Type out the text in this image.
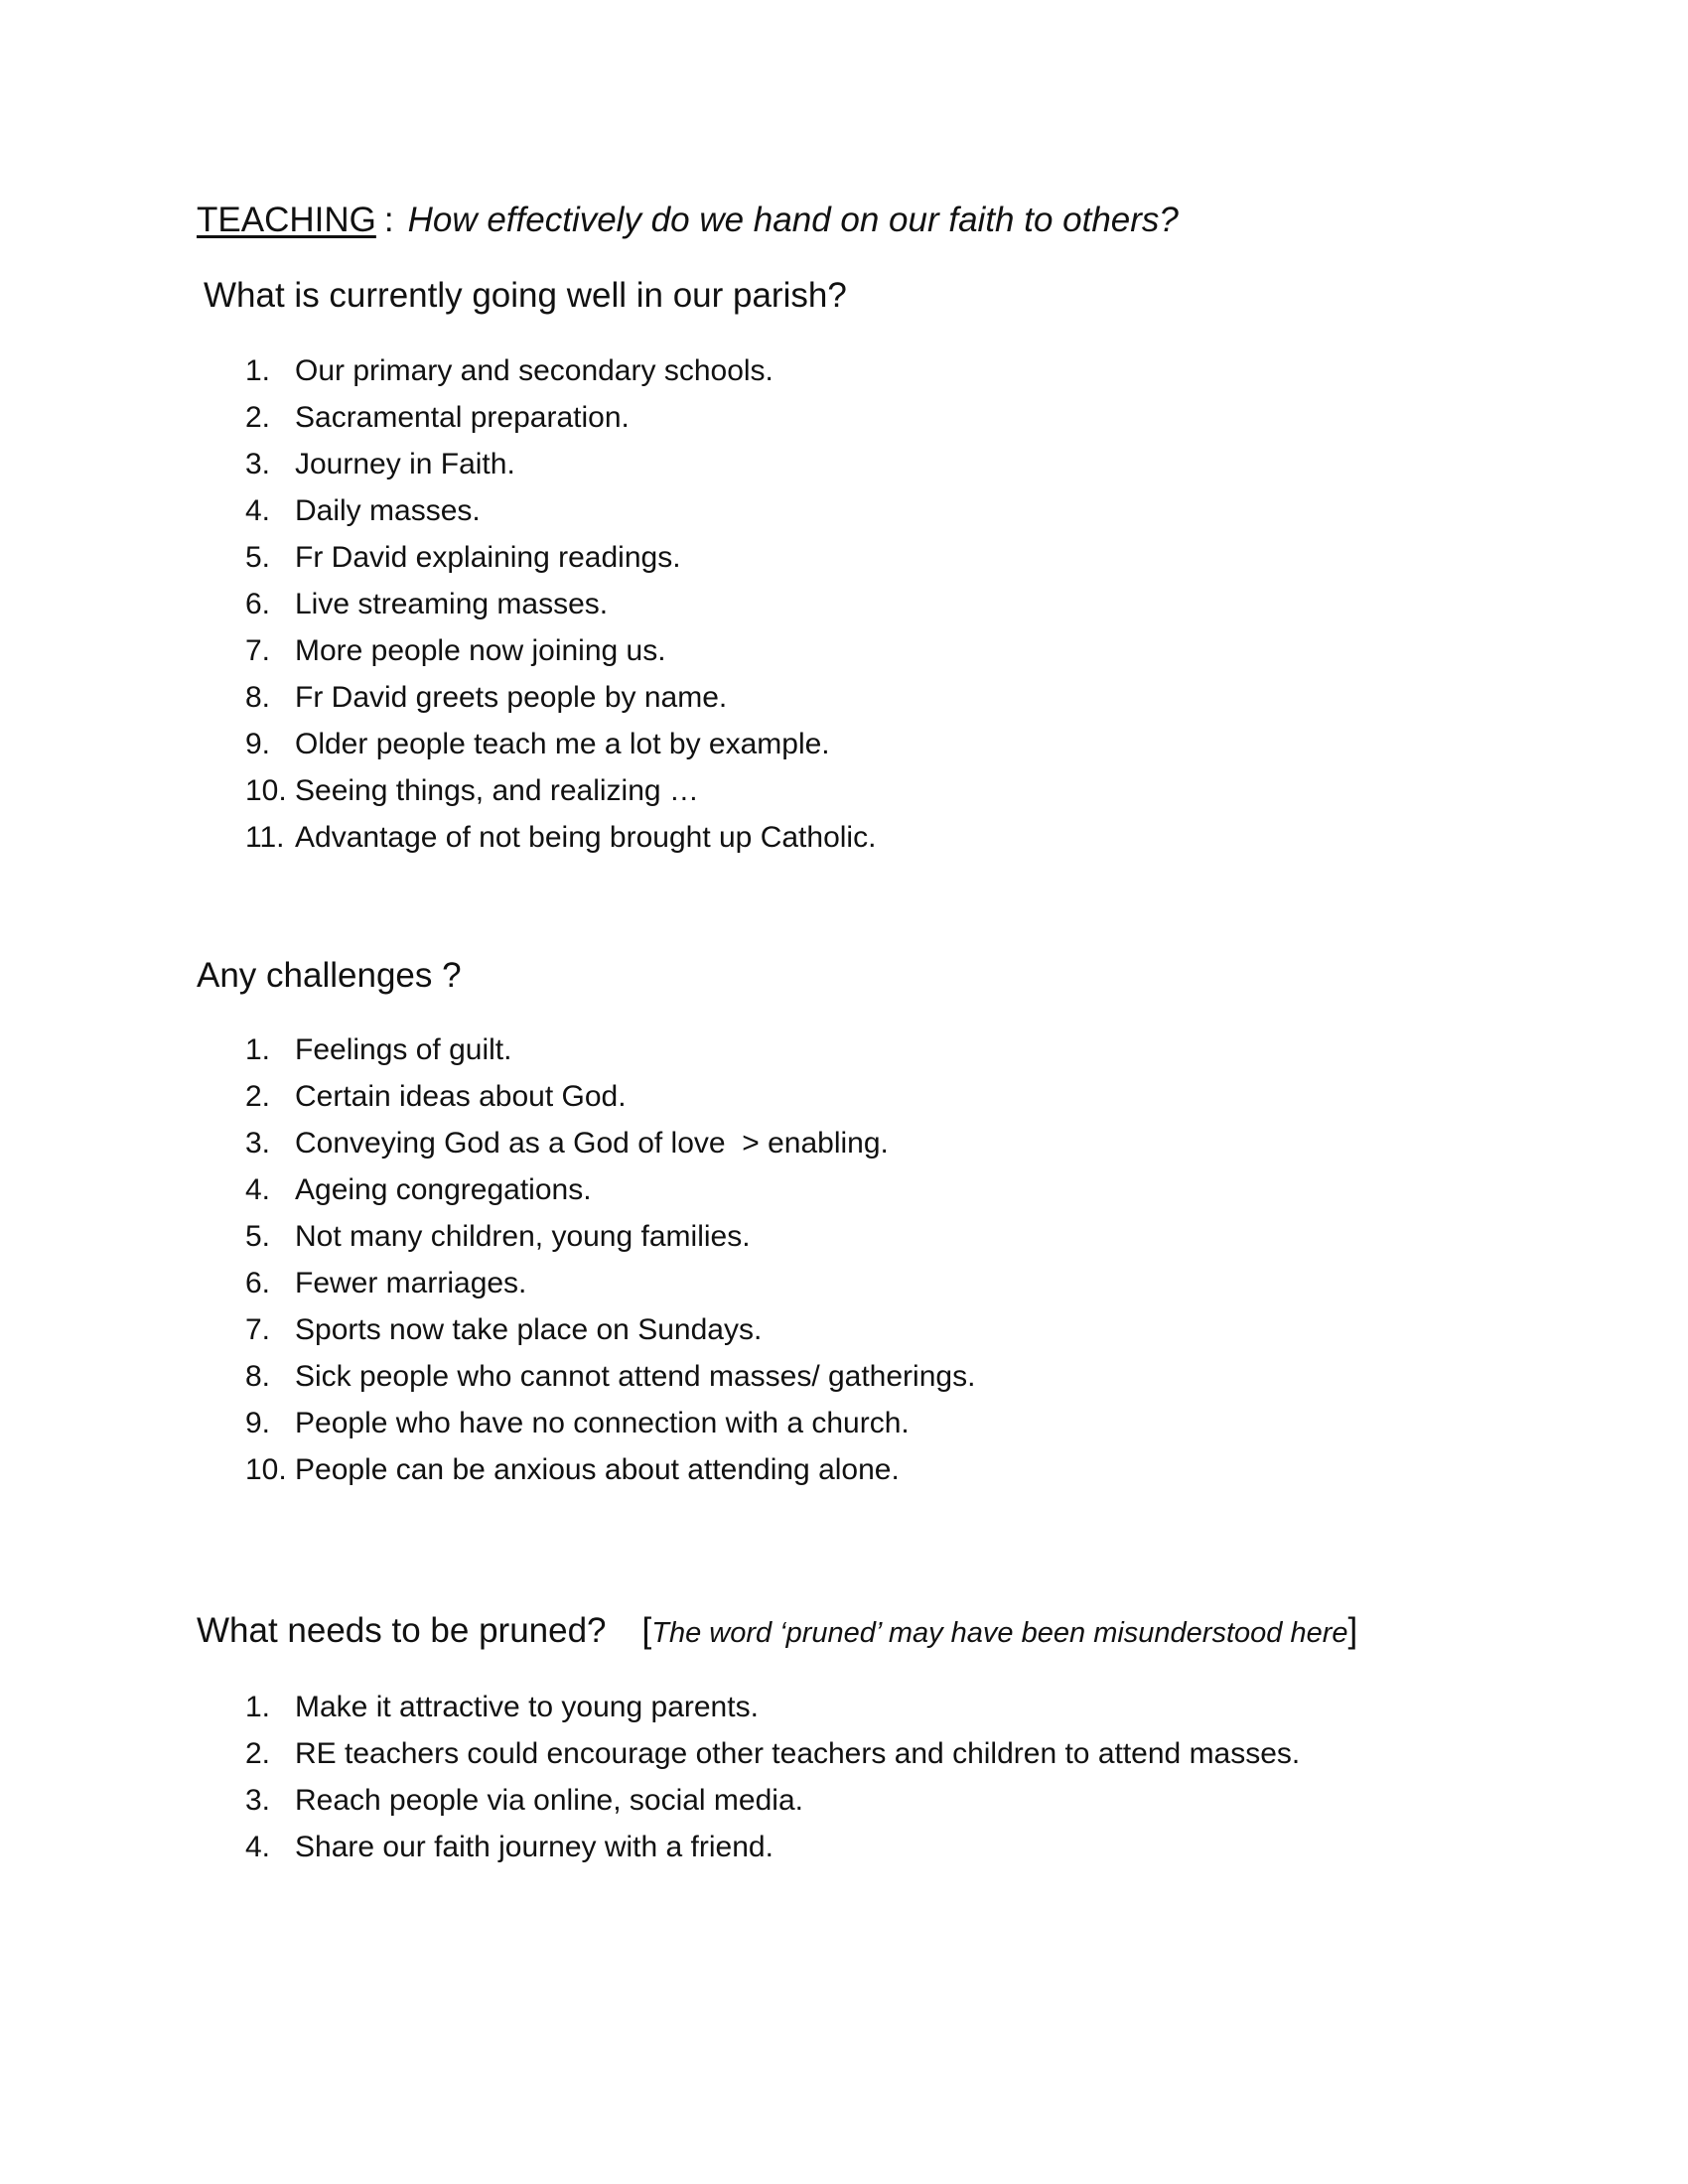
TEACHING : How effectively do we hand on our faith to others?
What is currently going well in our parish?
1. Our primary and secondary schools.
2. Sacramental preparation.
3. Journey in Faith.
4. Daily masses.
5. Fr David explaining readings.
6. Live streaming masses.
7. More people now joining us.
8. Fr David greets people by name.
9. Older people teach me a lot by example.
10. Seeing things, and realizing …
11. Advantage of not being brought up Catholic.
Any challenges ?
1. Feelings of guilt.
2. Certain ideas about God.
3. Conveying God as a God of love  > enabling.
4. Ageing congregations.
5. Not many children, young families.
6. Fewer marriages.
7. Sports now take place on Sundays.
8. Sick people who cannot attend masses/ gatherings.
9. People who have no connection with a church.
10. People can be anxious about attending alone.
What needs to be pruned? [The word ‘pruned’ may have been misunderstood here]
1. Make it attractive to young parents.
2. RE teachers could encourage other teachers and children to attend masses.
3. Reach people via online, social media.
4. Share our faith journey with a friend.
